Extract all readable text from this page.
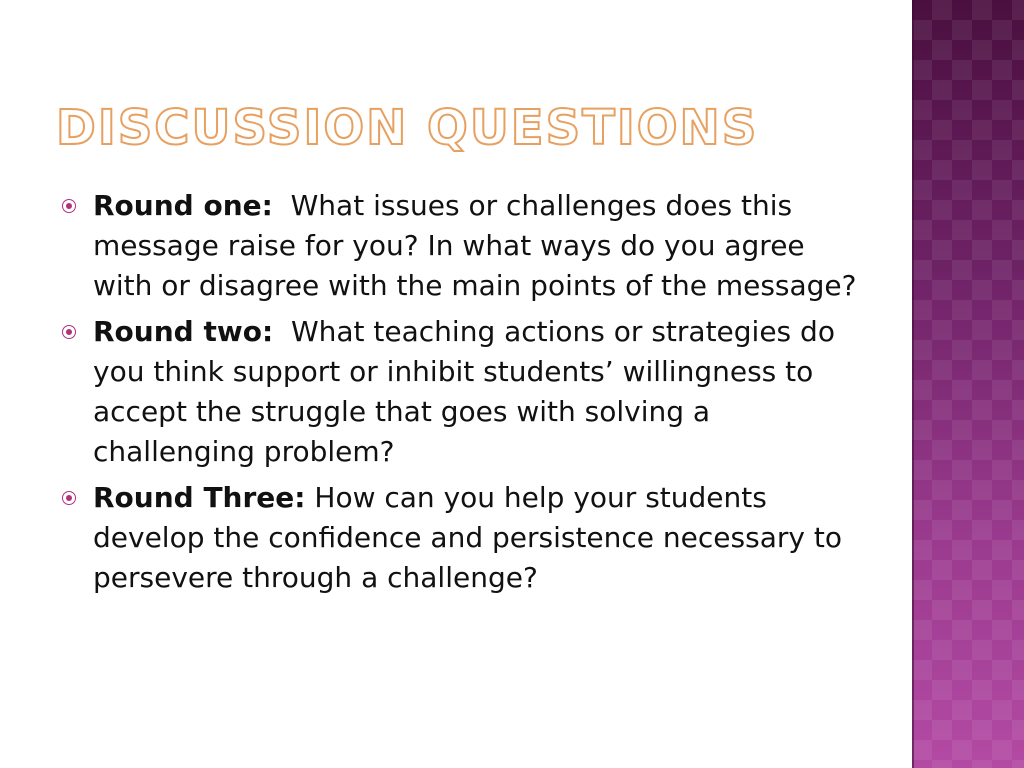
DISCUSSION QUESTIONS
Round one:  What issues or challenges does this message raise for you? In what ways do you agree with or disagree with the main points of the message?
Round two:  What teaching actions or strategies do you think support or inhibit students’ willingness to accept the struggle that goes with solving a challenging problem?
Round Three: How can you help your students develop the confidence and persistence necessary to persevere through a challenge?
